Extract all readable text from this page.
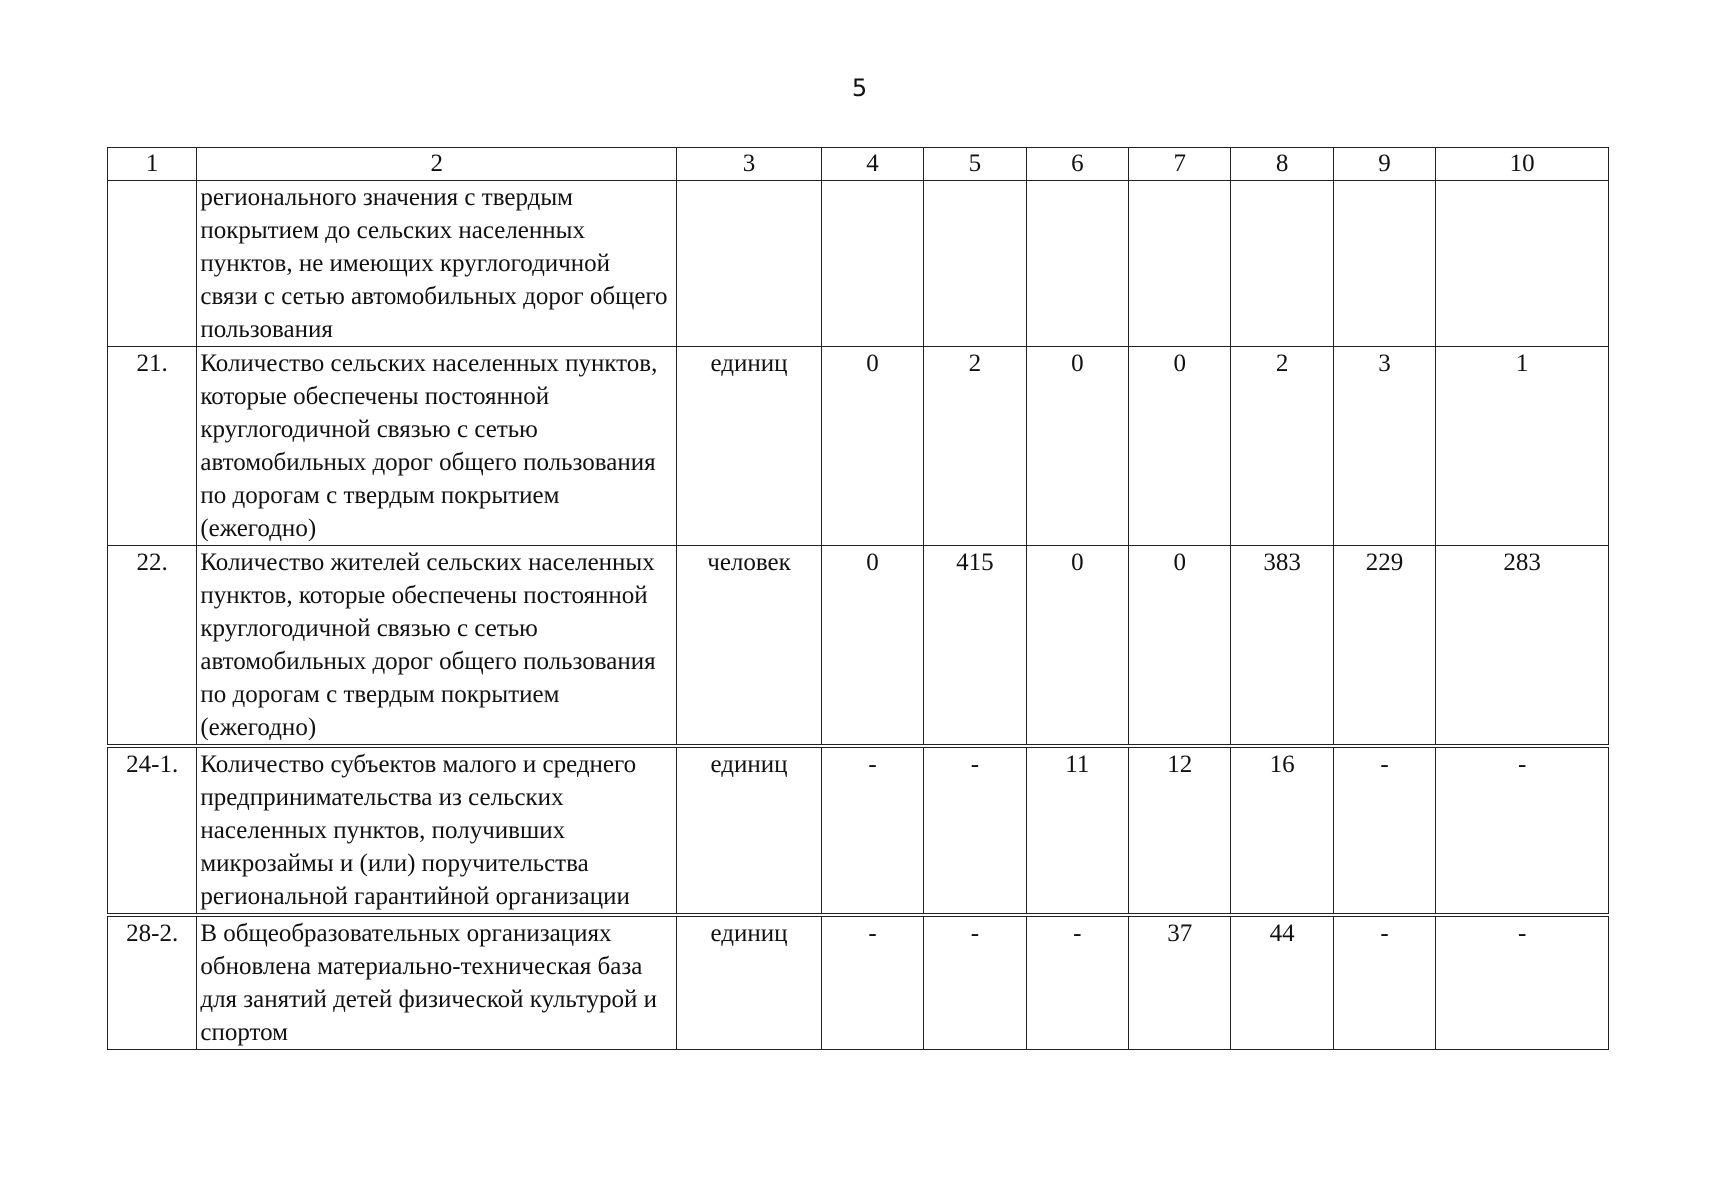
5
1	2	3	4	5	6	7	8	9	10
	регионального значения с твердым покрытием до сельских населенных пунктов, не имеющих круглогодичной связи с сетью автомобильных дорог общего пользования								
21.	Количество сельских населенных пунктов, которые обеспечены постоянной круглогодичной связью с сетью автомобильных дорог общего пользования по дорогам с твердым покрытием (ежегодно)	единиц	0	2	0	0	2	3	1
22.	Количество жителей сельских населенных пунктов, которые обеспечены постоянной круглогодичной связью с сетью автомобильных дорог общего пользования по дорогам с твердым покрытием (ежегодно)	человек	0	415	0	0	383	229	283
24-1.	Количество субъектов малого и среднего предпринимательства из сельских населенных пунктов, получивших микрозаймы и (или) поручительства региональной гарантийной организации	единиц	-	-	11	12	16	-	-
28-2.	В общеобразовательных организациях обновлена материально-техническая база для занятий детей физической культурой и спортом	единиц	-	-	-	37	44	-	-
